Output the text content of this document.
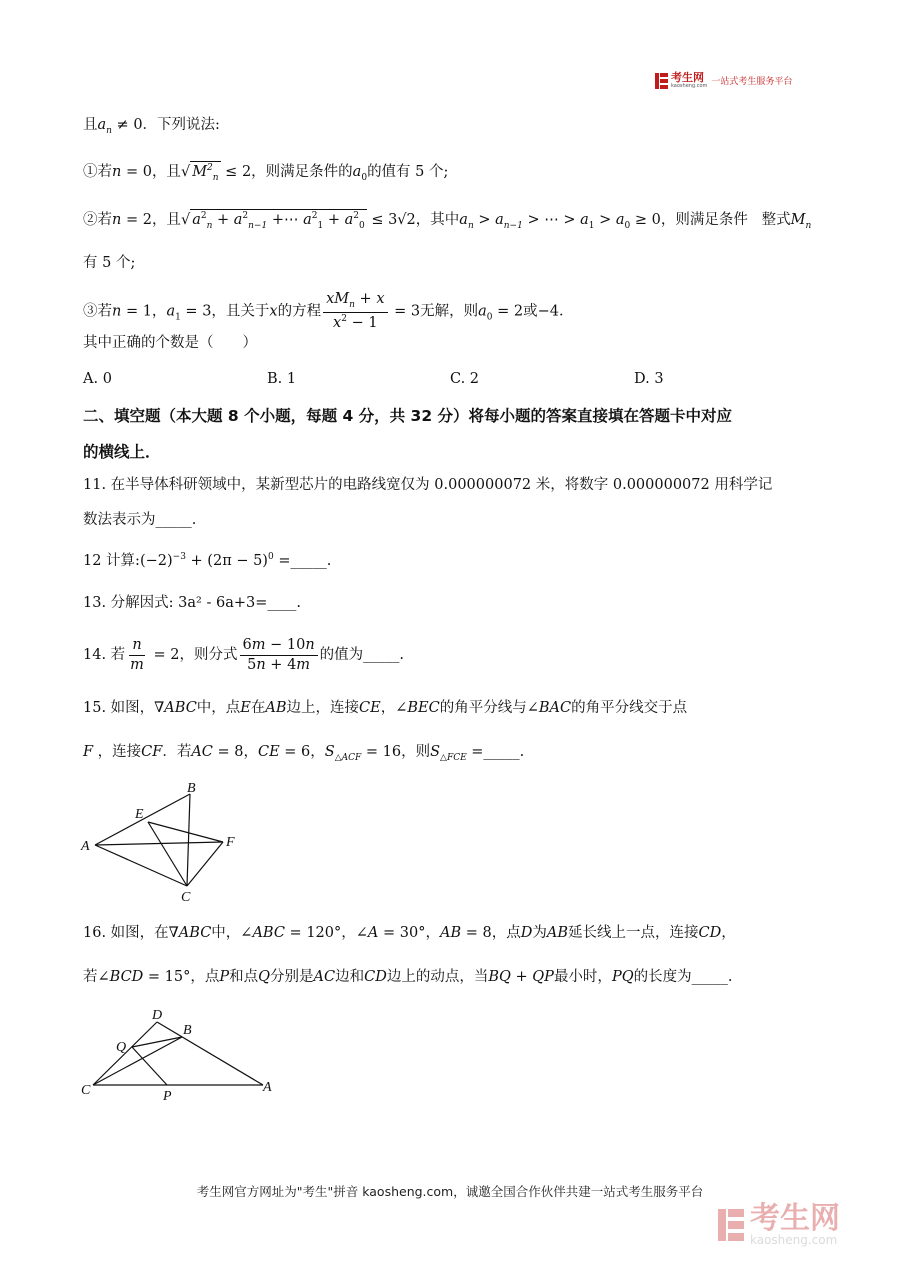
考生网
kaosheng.com 一站式考生服务平台
且$a_n \ne 0$．下列说法:
①若n = 0，且√ $M^2_n \le 2$，则满足条件的$a_0$的值有 5 个;
②若n = 2，且√ $a^2_n + a^2_{n-1}$ +⋯ $a^2_1 + a^2_0 \le 3√2$，其中$a_n > a_{n-1}$ > ⋯ > $a_1 > a_0 \ge 0$，则满足条件 整式$M_n$
有 5 个;
③若n = 1，$a_1 = 3$，且关于x的方程 $\frac{xM_n + x}{x^2 - 1} = 3$无解，则$a_0 = 2$或−4．
其中正确的个数是（　　）
A. 0	B. 1	C. 2	D. 3
二、填空题（本大题 8 个小题，每题 4 分，共 32 分）将每小题的答案直接填在答题卡中对应
的横线上．
11. 在半导体科研领域中，某新型芯片的电路线宽仅为 0.000000072 米，将数字 0.000000072 用科学记
数法表示为_____.
12 计算$:(-2)^{-3} + (2\pi - 5)^0$ =_____.
13. 分解因式: 3a² - 6a+3=____.
14. 若 $\frac{n}{m} = 2$，则分式 $\frac{6m - 10n}{5n + 4m}$ 的值为_____.
15. 如图，∇ABC中，点E在AB边上，连接CE，∠BEC的角平分线与∠BAC的角平分线交于点
F ，连接CF．若AC = 8，CE = 6，$S_{\triangle ACF} = 16$，则$S_{\triangle FCE}$ =_____.
B
E
A	F
C
16. 如图，在∇ABC中，∠ABC = 120°，∠A = 30°，AB = 8，点D为AB延长线上一点，连接CD，
若∠BCD = 15°，点P和点Q分别是AC边和CD边上的动点，当BQ + QP最小时，PQ的长度为_____.
D
B
Q
C	P
A
考生网官方网址为"考生"拼音 kaosheng.com，诚邀全国合作伙伴共建一站式考生服务平台
考生网
kaosheng.com
